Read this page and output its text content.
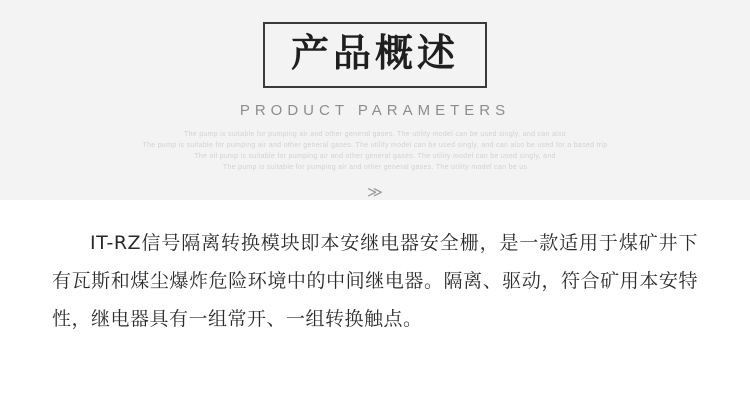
产品概述
PRODUCT PARAMETERS
The pump is suitable for pumping air and other general gases. The utility model can be used singly, and can also
The pump is suitable for pumping air and other general gases. The utility model can be used singly, and can also be used for a based trip
The oil pump is suitable for pumping air and other general gases. The utility model can be used singly, and
The pump is suitable for pumping air and other general gases. The utility model can be us
≫
IT-RZ信号隔离转换模块即本安继电器安全栅，是一款适用于煤矿井下有瓦斯和煤尘爆炸危险环境中的中间继电器。隔离、驱动，符合矿用本安特性，继电器具有一组常开、一组转换触点。
